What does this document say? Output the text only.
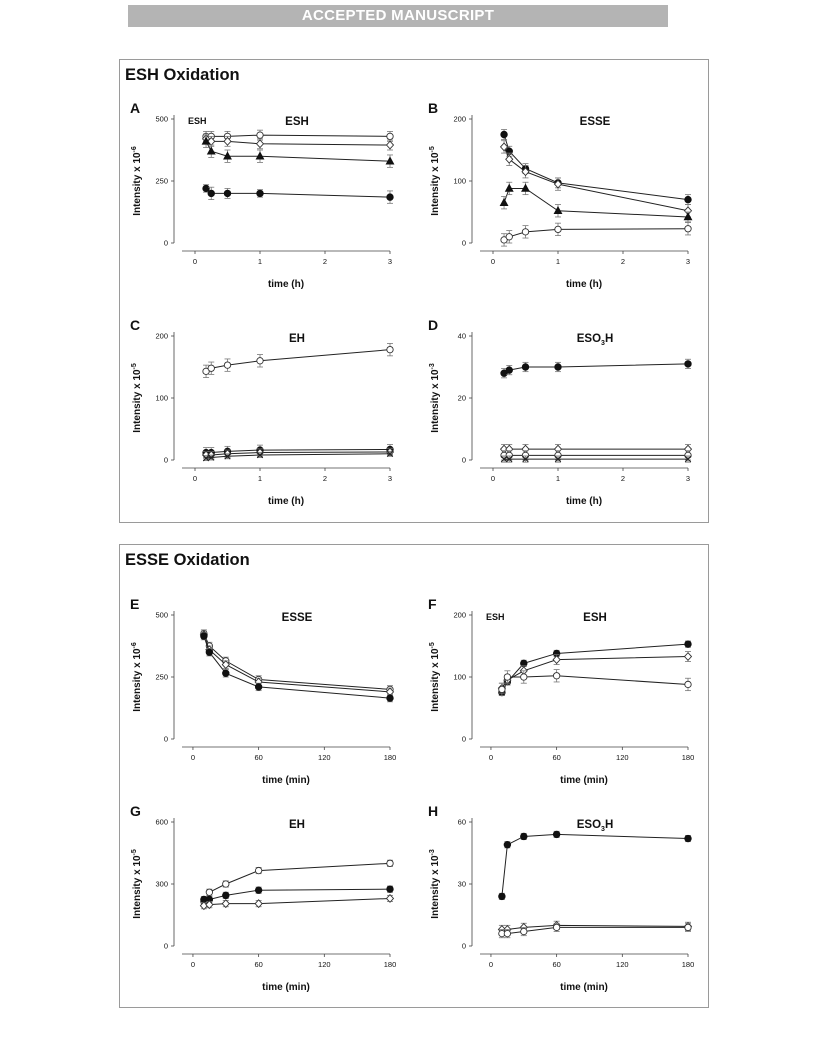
ACCEPTED MANUSCRIPT
ESH Oxidation
ESSE Oxidation
A
ESH	ESH
0
250
500
0	1	2	3
time (h)
Intensity x $10^{-6}$
B
ESSE
0
100
200
0	1	2	3
time (h)
Intensity x $10^{-5}$
C
EH
0
100
200
0	1	2	3
time (h)
Intensity x $10^{-5}$
D
$ESO_3H$
0
20
40
0	1	2	3
time (h)
Intensity x $10^{-3}$
E
ESSE
0
250
500
0	60	120	180
time (min)
Intensity x $10^{-6}$
F
ESH	ESH
0
100
200
0	60	120	180
time (min)
Intensity x $10^{-5}$
G
EH
0
300
600
0	60	120	180
time (min)
Intensity x $10^{-5}$
H
$ESO_3H$
0
30
60
0	60	120	180
time (min)
Intensity x $10^{-3}$
